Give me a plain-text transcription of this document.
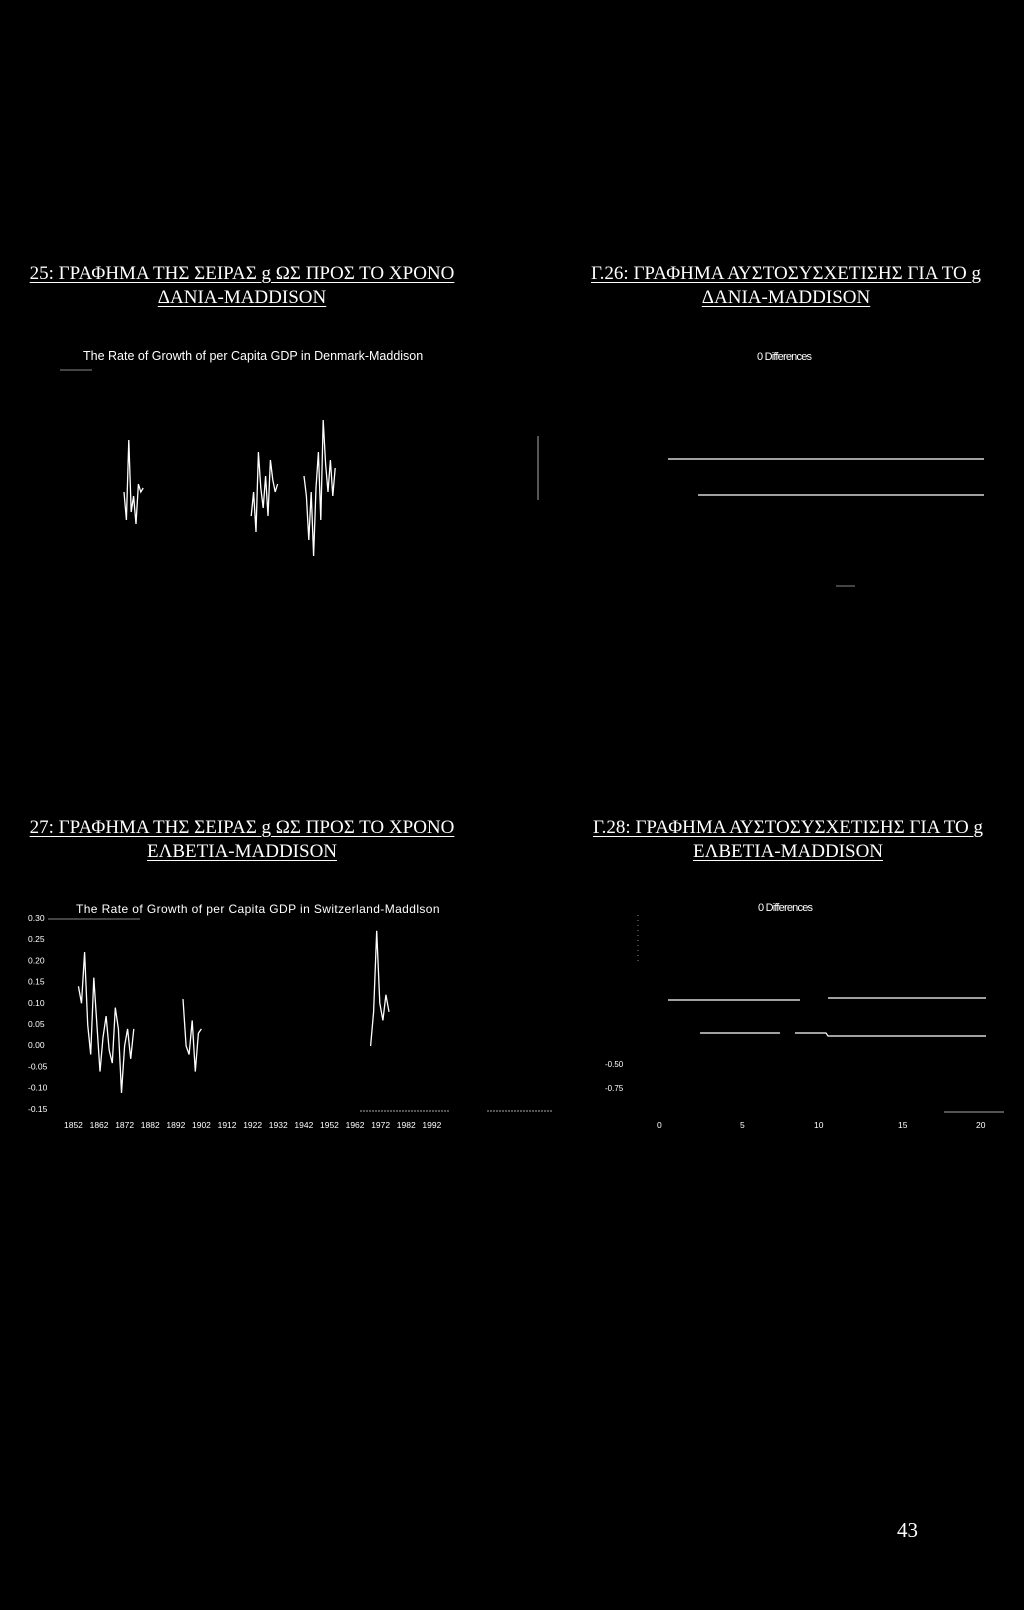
25: ΓΡΑΦΗΜΑ ΤΗΣ ΣΕΙΡΑΣ g ΩΣ ΠΡΟΣ ΤΟ ΧΡΟΝΟ
ΔΑΝΙΑ-MADDISON
Γ.26: ΓΡΑΦΗΜΑ ΑΥΣΤΟΣΥΣΧΕΤΙΣΗΣ ΓΙΑ ΤΟ g
ΔΑΝΙΑ-MADDISON
27: ΓΡΑΦΗΜΑ ΤΗΣ ΣΕΙΡΑΣ g ΩΣ ΠΡΟΣ ΤΟ ΧΡΟΝΟ
ΕΛΒΕΤΙΑ-MADDISON
Γ.28: ΓΡΑΦΗΜΑ ΑΥΣΤΟΣΥΣΧΕΤΙΣΗΣ ΓΙΑ ΤΟ g
ΕΛΒΕΤΙΑ-MADDISON
The Rate of Growth of per Capita GDP in Denmark-Maddison	0 Differences
The Rate of Growth of per Capita GDP in Switzerland-Maddlson	0 Differences
0.30
0.25
0.20
0.15
0.10
0.05
0.00
-0.05
-0.10
-0.15
1852 1862 1872 1882 1892 1902 1912 1922 1932 1942 1952 1962 1972 1982 1992
-0.50
-0.75
0	5	10	15	20
43
